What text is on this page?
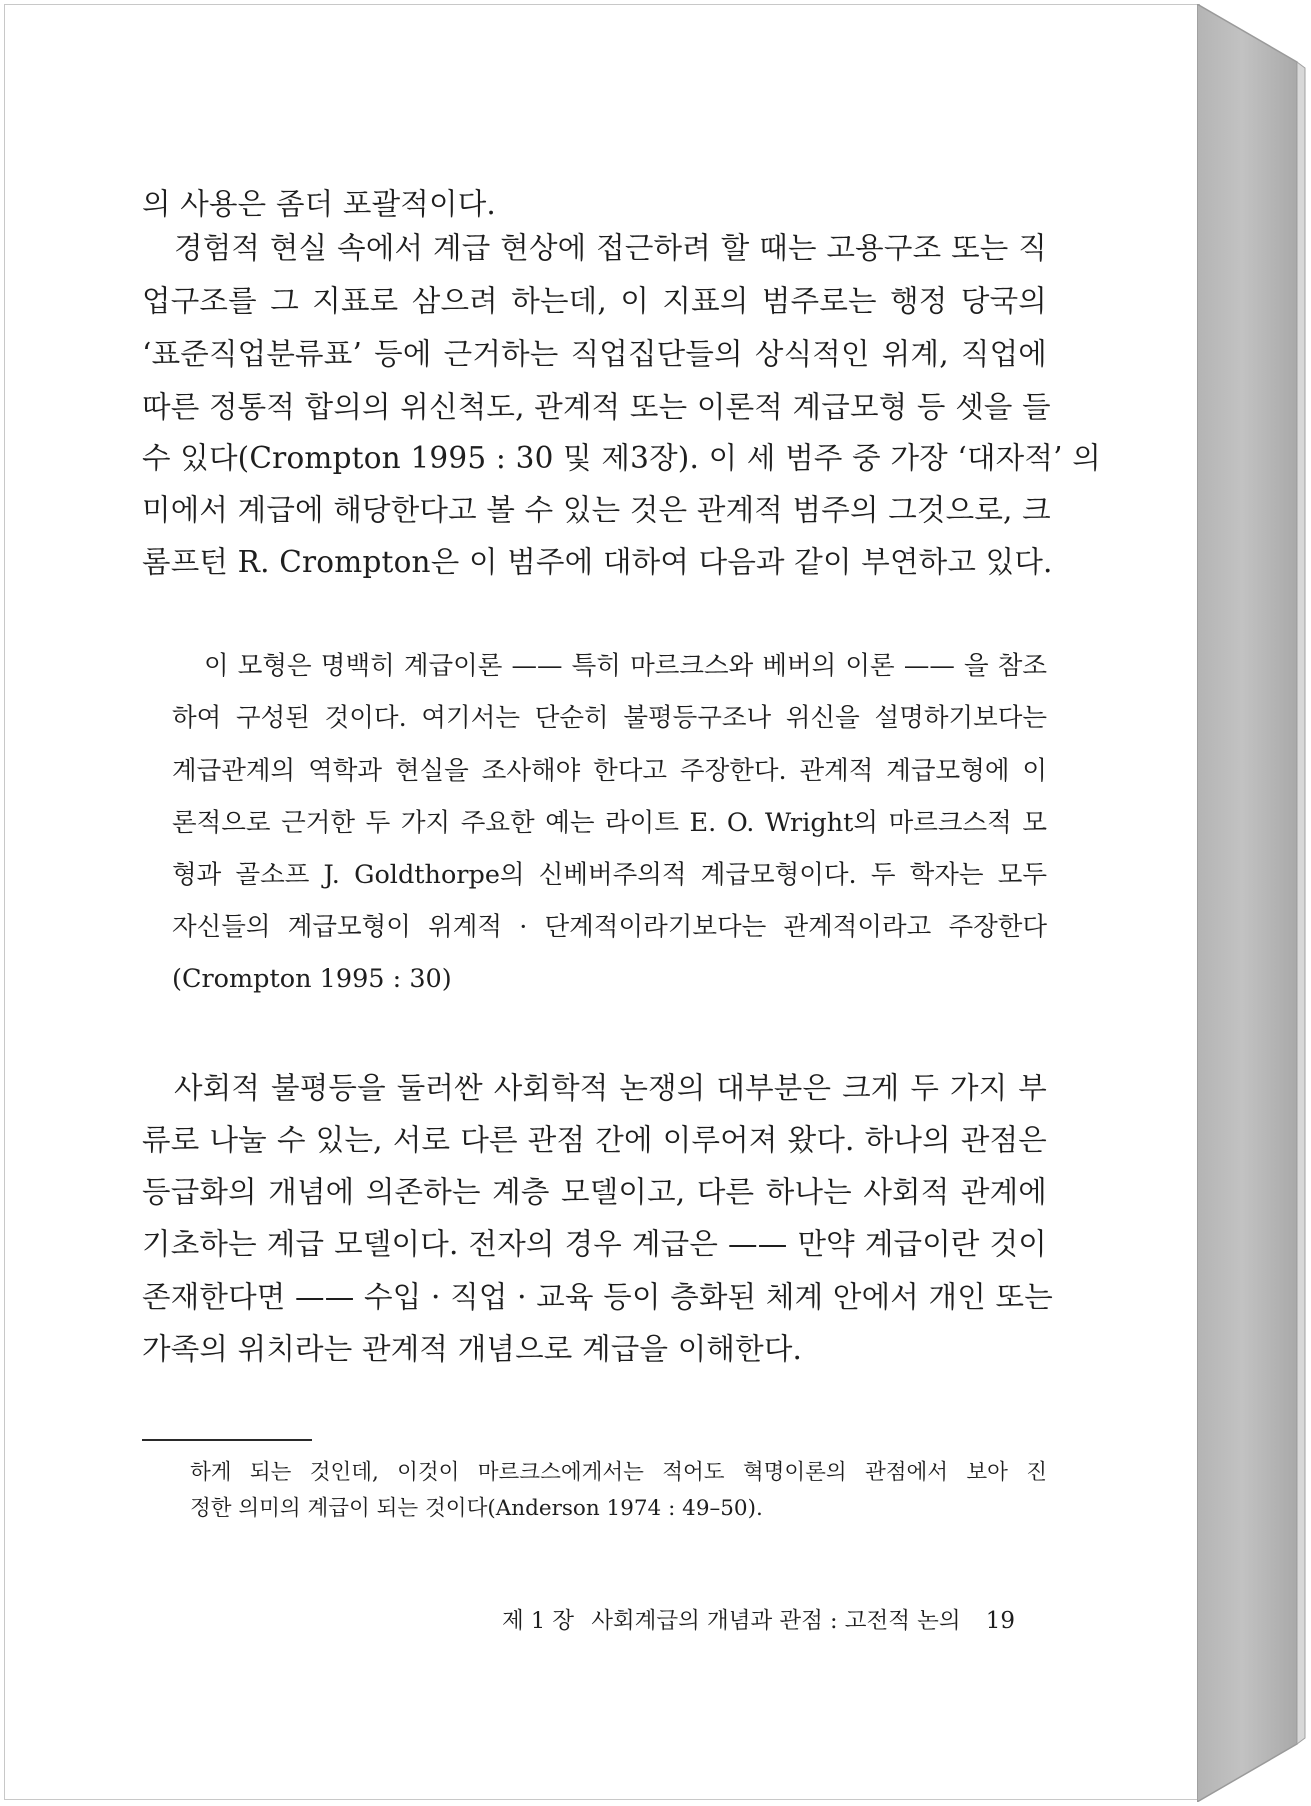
의 사용은 좀더 포괄적이다.
경험적 현실 속에서 계급 현상에 접근하려 할 때는 고용구조 또는 직
업구조를 그 지표로 삼으려 하는데, 이 지표의 범주로는 행정 당국의
‘표준직업분류표’ 등에 근거하는 직업집단들의 상식적인 위계, 직업에
따른 정통적 합의의 위신척도, 관계적 또는 이론적 계급모형 등 셋을 들
수 있다(Crompton 1995 : 30 및 제3장). 이 세 범주 중 가장 ‘대자적’ 의
미에서 계급에 해당한다고 볼 수 있는 것은 관계적 범주의 그것으로, 크
롬프턴 R. Crompton은 이 범주에 대하여 다음과 같이 부연하고 있다.
이 모형은 명백히 계급이론 —— 특히 마르크스와 베버의 이론 —— 을 참조
하여 구성된 것이다. 여기서는 단순히 불평등구조나 위신을 설명하기보다는
계급관계의 역학과 현실을 조사해야 한다고 주장한다. 관계적 계급모형에 이
론적으로 근거한 두 가지 주요한 예는 라이트 E. O. Wright의 마르크스적 모
형과 골소프 J. Goldthorpe의 신베버주의적 계급모형이다. 두 학자는 모두
자신들의 계급모형이 위계적 · 단계적이라기보다는 관계적이라고 주장한다
(Crompton 1995 : 30)
사회적 불평등을 둘러싼 사회학적 논쟁의 대부분은 크게 두 가지 부
류로 나눌 수 있는, 서로 다른 관점 간에 이루어져 왔다. 하나의 관점은
등급화의 개념에 의존하는 계층 모델이고, 다른 하나는 사회적 관계에
기초하는 계급 모델이다. 전자의 경우 계급은 —— 만약 계급이란 것이
존재한다면 —— 수입 · 직업 · 교육 등이 층화된 체계 안에서 개인 또는
가족의 위치라는 관계적 개념으로 계급을 이해한다.
하게 되는 것인데, 이것이 마르크스에게서는 적어도 혁명이론의 관점에서 보아 진
정한 의미의 계급이 되는 것이다(Anderson 1974 : 49–50).
제 1 장 사회계급의 개념과 관점 : 고전적 논의 19
